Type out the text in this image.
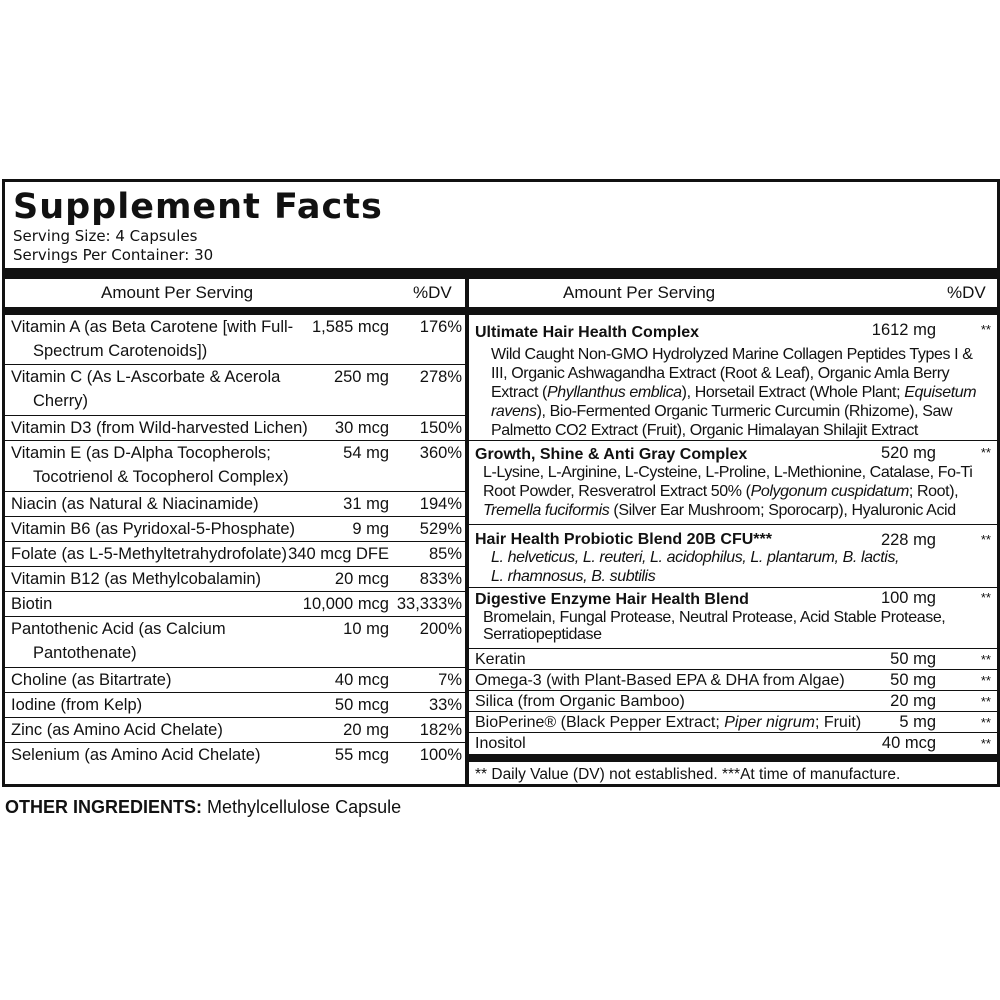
Supplement Facts
Serving Size: 4 Capsules
Servings Per Container: 30
Amount Per Serving	%DV
Vitamin A (as Beta Carotene [with Full-
Spectrum Carotenoids])
1,585 mcg 176%
Vitamin C (As L-Ascorbate & Acerola
Cherry)
250 mg 278%
Vitamin D3 (from Wild-harvested Lichen) 30 mcg 150%
Vitamin E (as D-Alpha Tocopherols;
Tocotrienol & Tocopherol Complex)
54 mg 360%
Niacin (as Natural & Niacinamide)	31 mg 194%
Vitamin B6 (as Pyridoxal-5-Phosphate)	9 mg 529%
Folate (as L-5-Methyltetrahydrofolate) 340 mcg DFE 85%
Vitamin B12 (as Methylcobalamin)	20 mcg 833%
Biotin	10,000 mcg 33,333%
Pantothenic Acid (as Calcium
Pantothenate)
10 mg 200%
Choline (as Bitartrate)	40 mcg	7%
Iodine (from Kelp)	50 mcg 33%
Zinc (as Amino Acid Chelate)	20 mg 182%
Selenium (as Amino Acid Chelate)	55 mcg 100%
Amount Per Serving	%DV
Ultimate Hair Health Complex	1612 mg	**
Wild Caught Non-GMO Hydrolyzed Marine Collagen Peptides Types I &
III, Organic Ashwagandha Extract (Root & Leaf), Organic Amla Berry
Extract (Phyllanthus emblica), Horsetail Extract (Whole Plant; Equisetum
ravens), Bio-Fermented Organic Turmeric Curcumin (Rhizome), Saw
Palmetto CO2 Extract (Fruit), Organic Himalayan Shilajit Extract
Growth, Shine & Anti Gray Complex	520 mg	**
L-Lysine, L-Arginine, L-Cysteine, L-Proline, L-Methionine, Catalase, Fo-Ti
Root Powder, Resveratrol Extract 50% (Polygonum cuspidatum; Root),
Tremella fuciformis (Silver Ear Mushroom; Sporocarp), Hyaluronic Acid
Hair Health Probiotic Blend 20B CFU***	228 mg	**
L. helveticus, L. reuteri, L. acidophilus, L. plantarum, B. lactis,
L. rhamnosus, B. subtilis
Digestive Enzyme Hair Health Blend	100 mg	**
Bromelain, Fungal Protease, Neutral Protease, Acid Stable Protease,
Serratiopeptidase
Keratin	50 mg	**
Omega-3 (with Plant-Based EPA & DHA from Algae)	50 mg	**
Silica (from Organic Bamboo)	20 mg	**
BioPerine® (Black Pepper Extract; Piper nigrum; Fruit) 5 mg	**
Inositol	40 mcg	**
** Daily Value (DV) not established. ***At time of manufacture.
OTHER INGREDIENTS: Methylcellulose Capsule
